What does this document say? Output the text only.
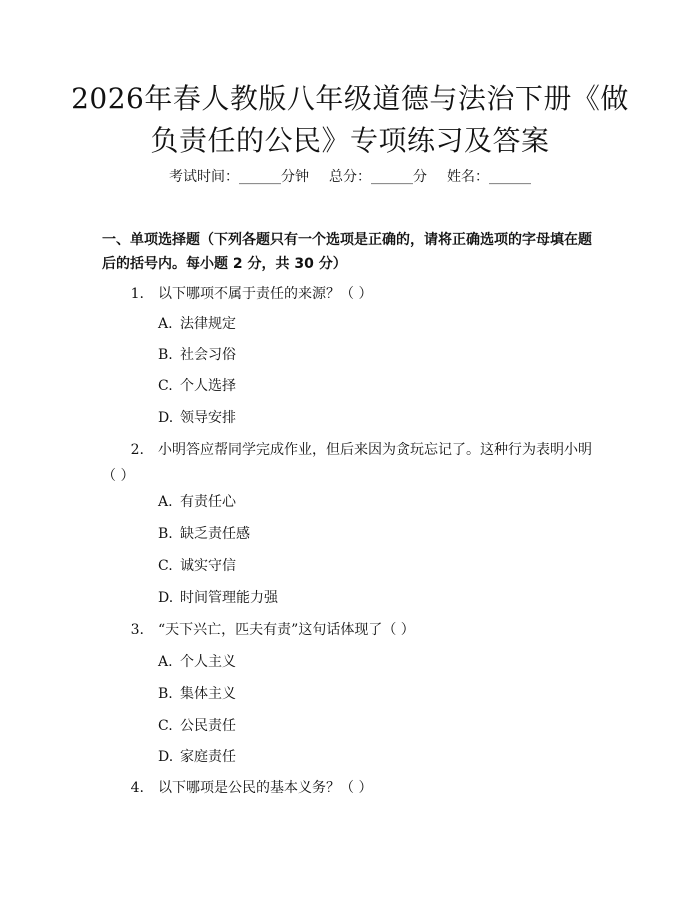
2026年春人教版八年级道德与法治下册《做
负责任的公民》专项练习及答案
考试时间：______分钟 总分：______分 姓名：______
一、单项选择题（下列各题只有一个选项是正确的，请将正确选项的字母填在题后的括号内。每小题 2 分，共 30 分）
1. 以下哪项不属于责任的来源？（ ）
A. 法律规定
B. 社会习俗
C. 个人选择
D. 领导安排
2. 小明答应帮同学完成作业，但后来因为贪玩忘记了。这种行为表明小明（ ）
A. 有责任心
B. 缺乏责任感
C. 诚实守信
D. 时间管理能力强
3. “天下兴亡，匹夫有责”这句话体现了（ ）
A. 个人主义
B. 集体主义
C. 公民责任
D. 家庭责任
4. 以下哪项是公民的基本义务？（ ）
